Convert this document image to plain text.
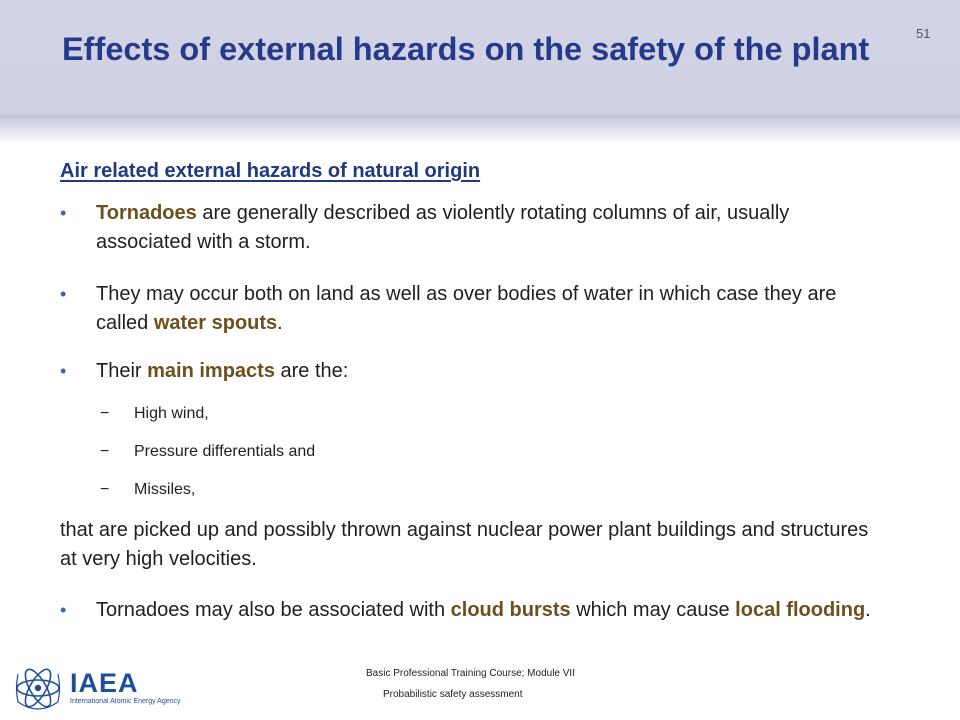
Effects of external hazards on the safety of the plant	51
Air related external hazards of natural origin
•	Tornadoes are generally described as violently rotating columns of air, usually associated with a storm.
•	They may occur both on land as well as over bodies of water in which case they are called water spouts.
•	Their main impacts are the:
− High wind,
− Pressure differentials and
− Missiles,
that are picked up and possibly thrown against nuclear power plant buildings and structures at very high velocities.
•	Tornadoes may also be associated with cloud bursts which may cause local flooding.
IAEA
International Atomic Energy Agency
Basic Professional Training Course; Module VII
Probabilistic safety assessment
